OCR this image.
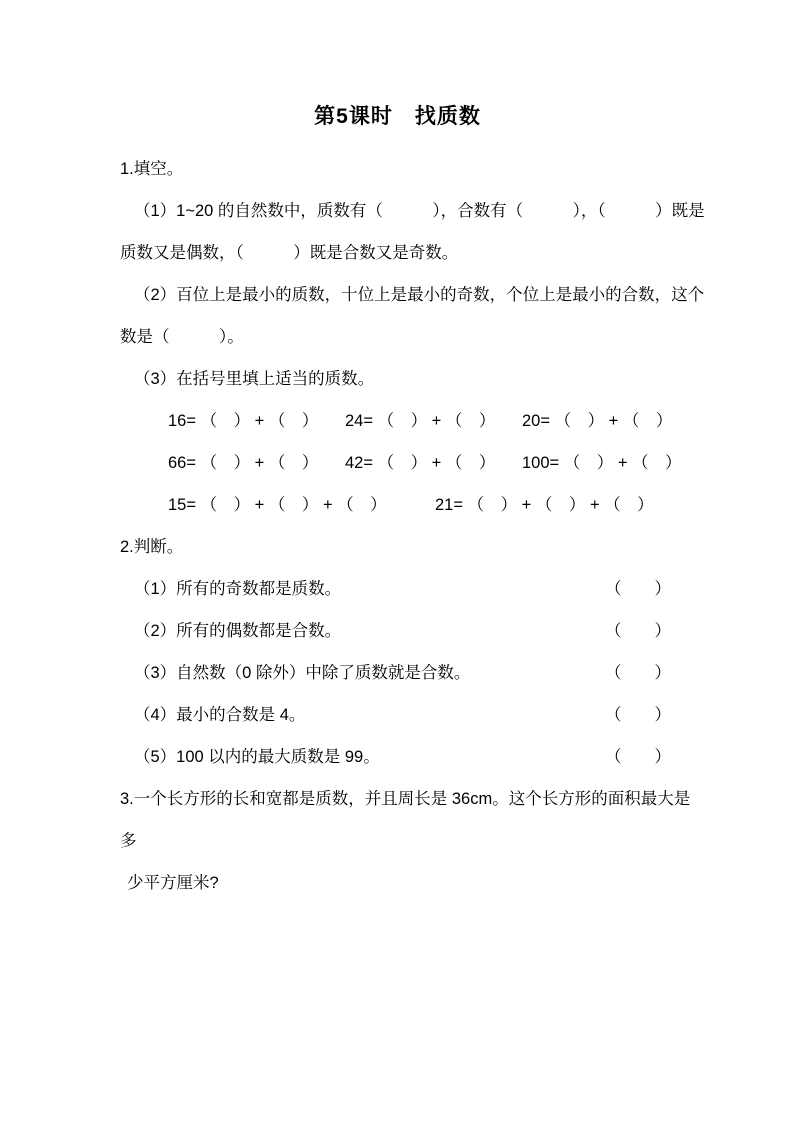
第5课时　找质数

1.填空。

（1）1~20 的自然数中，质数有（　　　），合数有（　　　），（　　　）既是

质数又是偶数，（　　　）既是合数又是奇数。

（2）百位上是最小的质数，十位上是最小的奇数，个位上是最小的合数，这个

数是（　　　）。

（3）在括号里填上适当的质数。

16= （　） + （　）	24= （　） + （　）	20= （　） + （　）

66= （　） + （　）	42= （　） + （　）	100= （　） + （　）

15= （　） + （　） + （　）	21= （　） + （　） + （　）

2.判断。

（1）所有的奇数都是质数。	（　　）

（2）所有的偶数都是合数。	（　　）

（3）自然数（0 除外）中除了质数就是合数。	（　　）

（4）最小的合数是 4。	（　　）

（5）100 以内的最大质数是 99。	（　　）

3.一个长方形的长和宽都是质数，并且周长是 36cm。这个长方形的面积最大是

多

少平方厘米?
